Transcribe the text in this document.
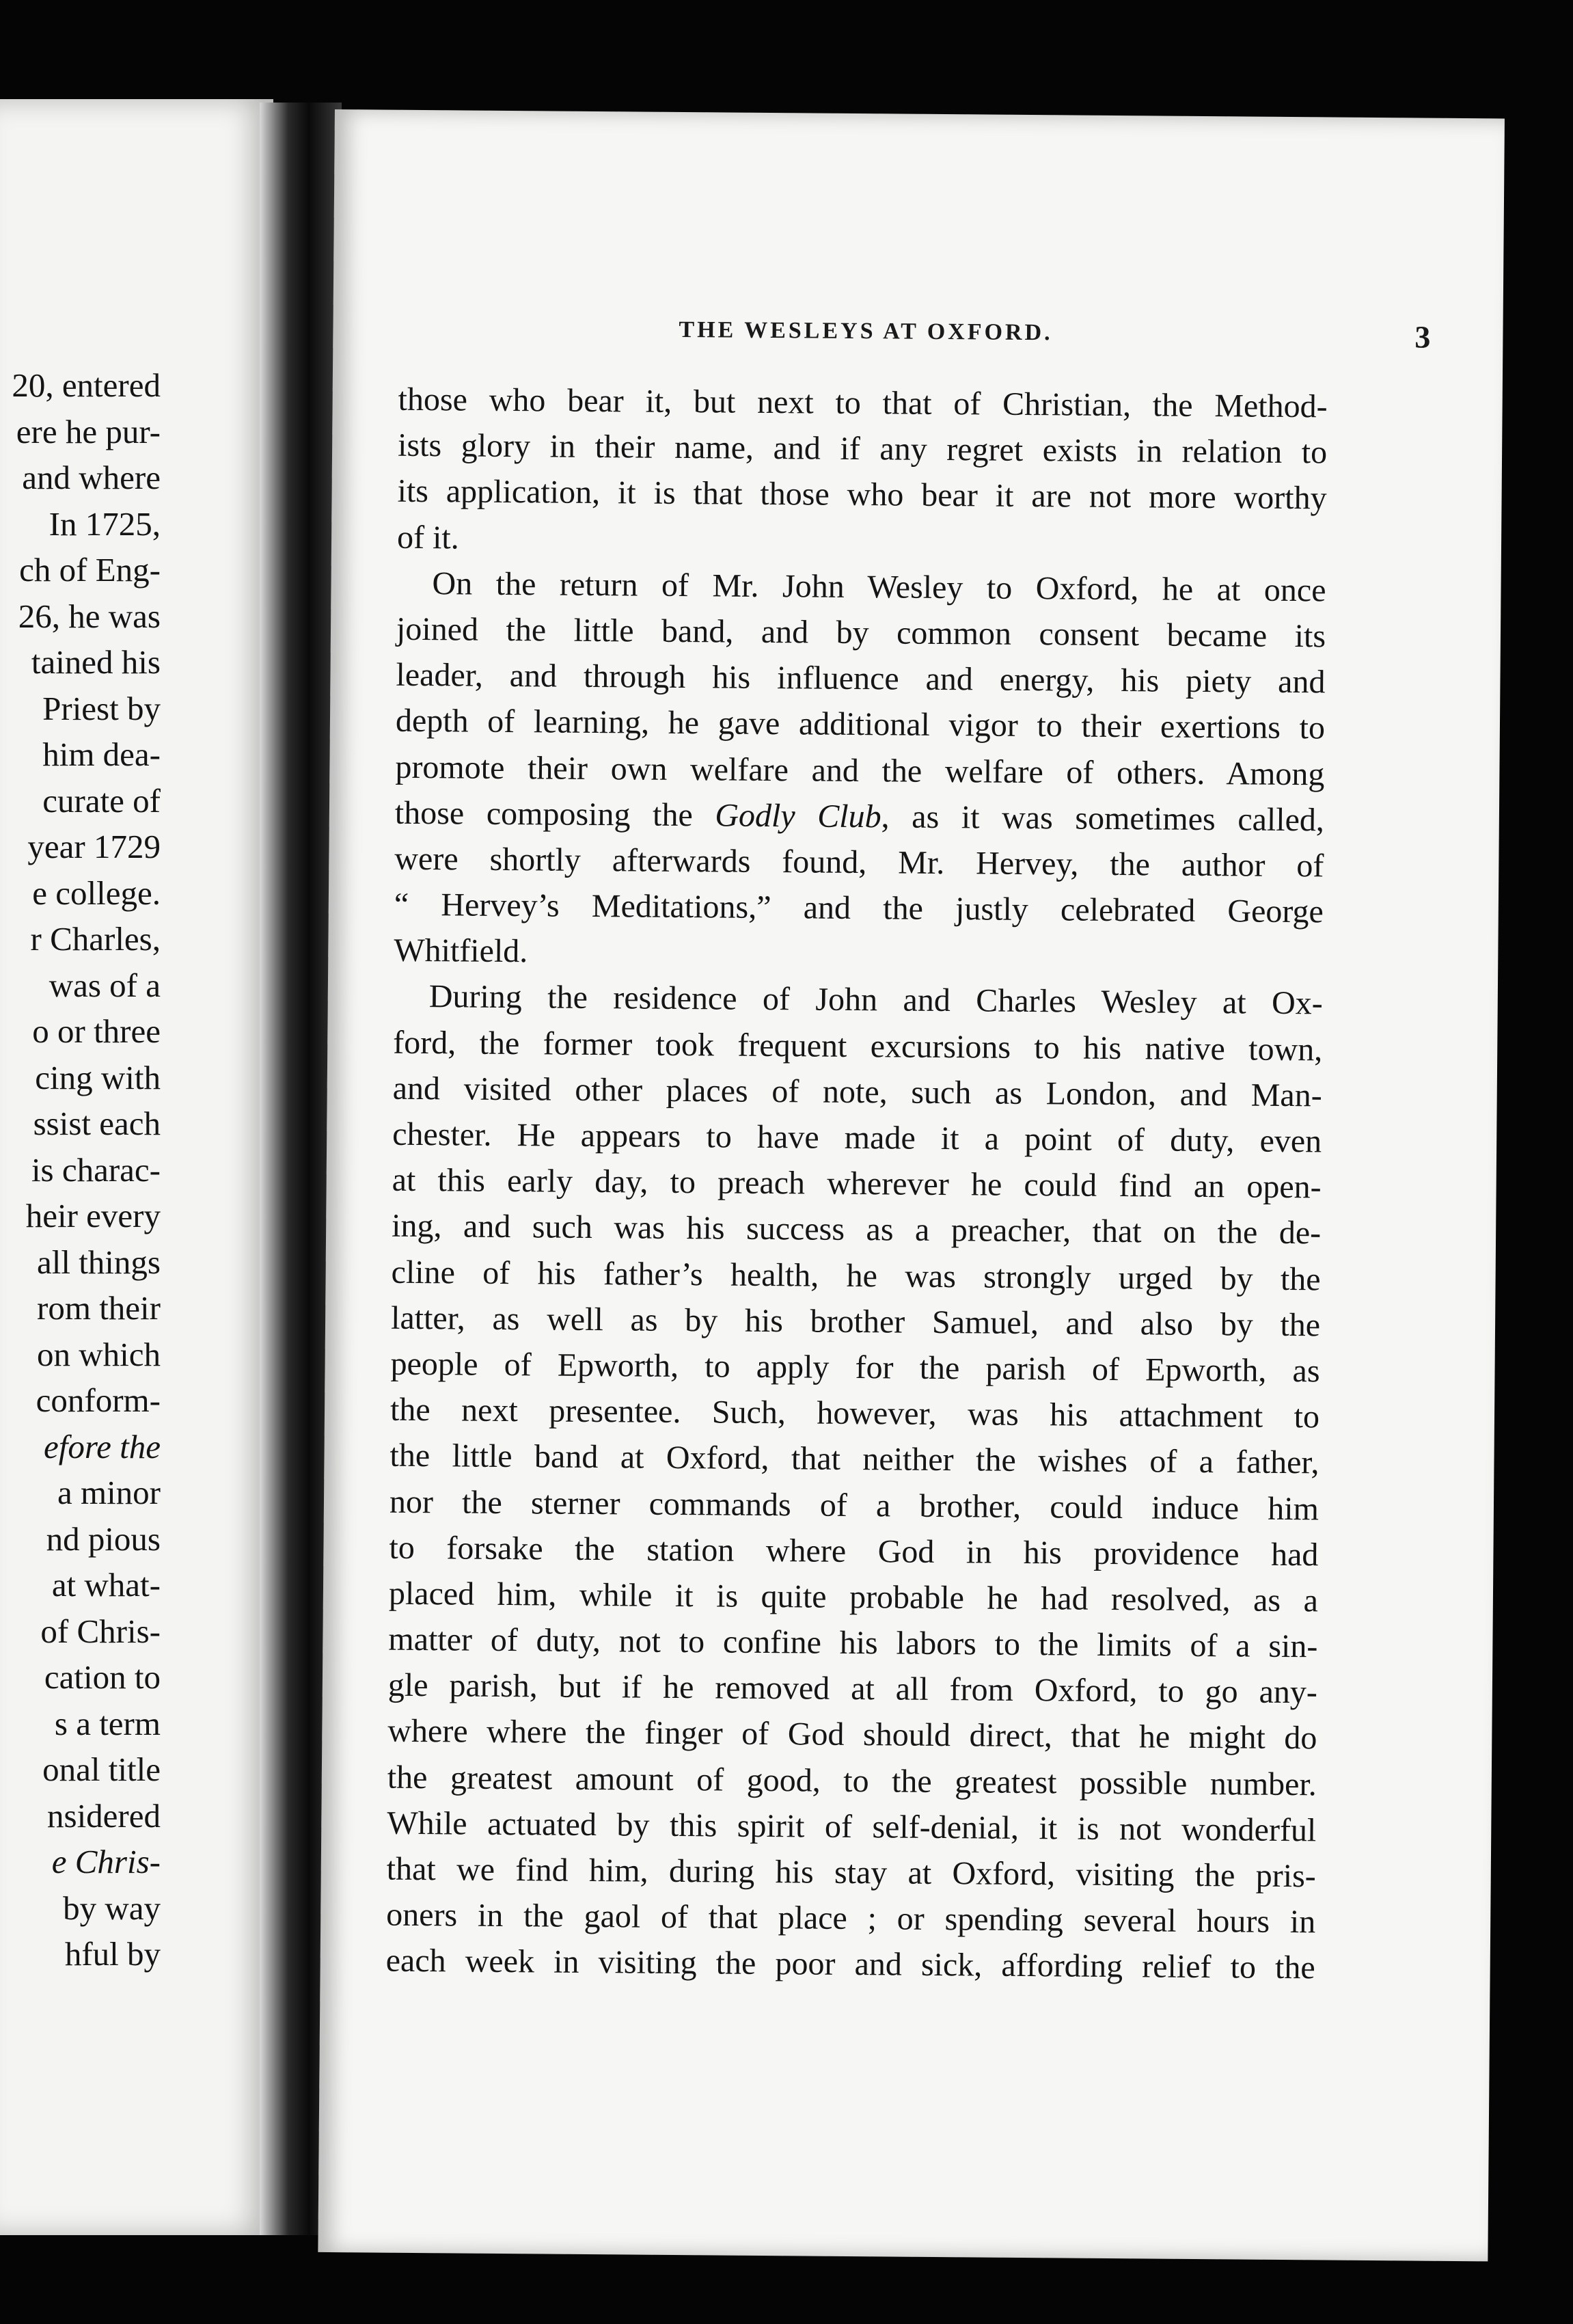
20, entered
ere he pur-
and where
In 1725,
ch of Eng-
26, he was
tained his
Priest by
him dea-
curate of
year 1729
e college.
r Charles,
was of a
o or three
cing with
ssist each
is charac-
heir every
all things
rom their
on which
conform-
efore the
a minor
nd pious
at what-
of Chris-
cation to
s a term
onal title
nsidered
e Chris-
by way
hful by
THE WESLEYS AT OXFORD.	3
those who bear it, but next to that of Christian, the Method-
ists glory in their name, and if any regret exists in relation to
its application, it is that those who bear it are not more worthy
of it.
On the return of Mr. John Wesley to Oxford, he at once
joined the little band, and by common consent became its
leader, and through his influence and energy, his piety and
depth of learning, he gave additional vigor to their exertions to
promote their own welfare and the welfare of others. Among
those composing the Godly Club, as it was sometimes called,
were shortly afterwards found, Mr. Hervey, the author of
“ Hervey’s Meditations,” and the justly celebrated George
Whitfield.
During the residence of John and Charles Wesley at Ox-
ford, the former took frequent excursions to his native town,
and visited other places of note, such as London, and Man-
chester. He appears to have made it a point of duty, even
at this early day, to preach wherever he could find an open-
ing, and such was his success as a preacher, that on the de-
cline of his father’s health, he was strongly urged by the
latter, as well as by his brother Samuel, and also by the
people of Epworth, to apply for the parish of Epworth, as
the next presentee. Such, however, was his attachment to
the little band at Oxford, that neither the wishes of a father,
nor the sterner commands of a brother, could induce him
to forsake the station where God in his providence had
placed him, while it is quite probable he had resolved, as a
matter of duty, not to confine his labors to the limits of a sin-
gle parish, but if he removed at all from Oxford, to go any-
where where the finger of God should direct, that he might do
the greatest amount of good, to the greatest possible number.
While actuated by this spirit of self-denial, it is not wonderful
that we find him, during his stay at Oxford, visiting the pris-
oners in the gaol of that place ; or spending several hours in
each week in visiting the poor and sick, affording relief to the
